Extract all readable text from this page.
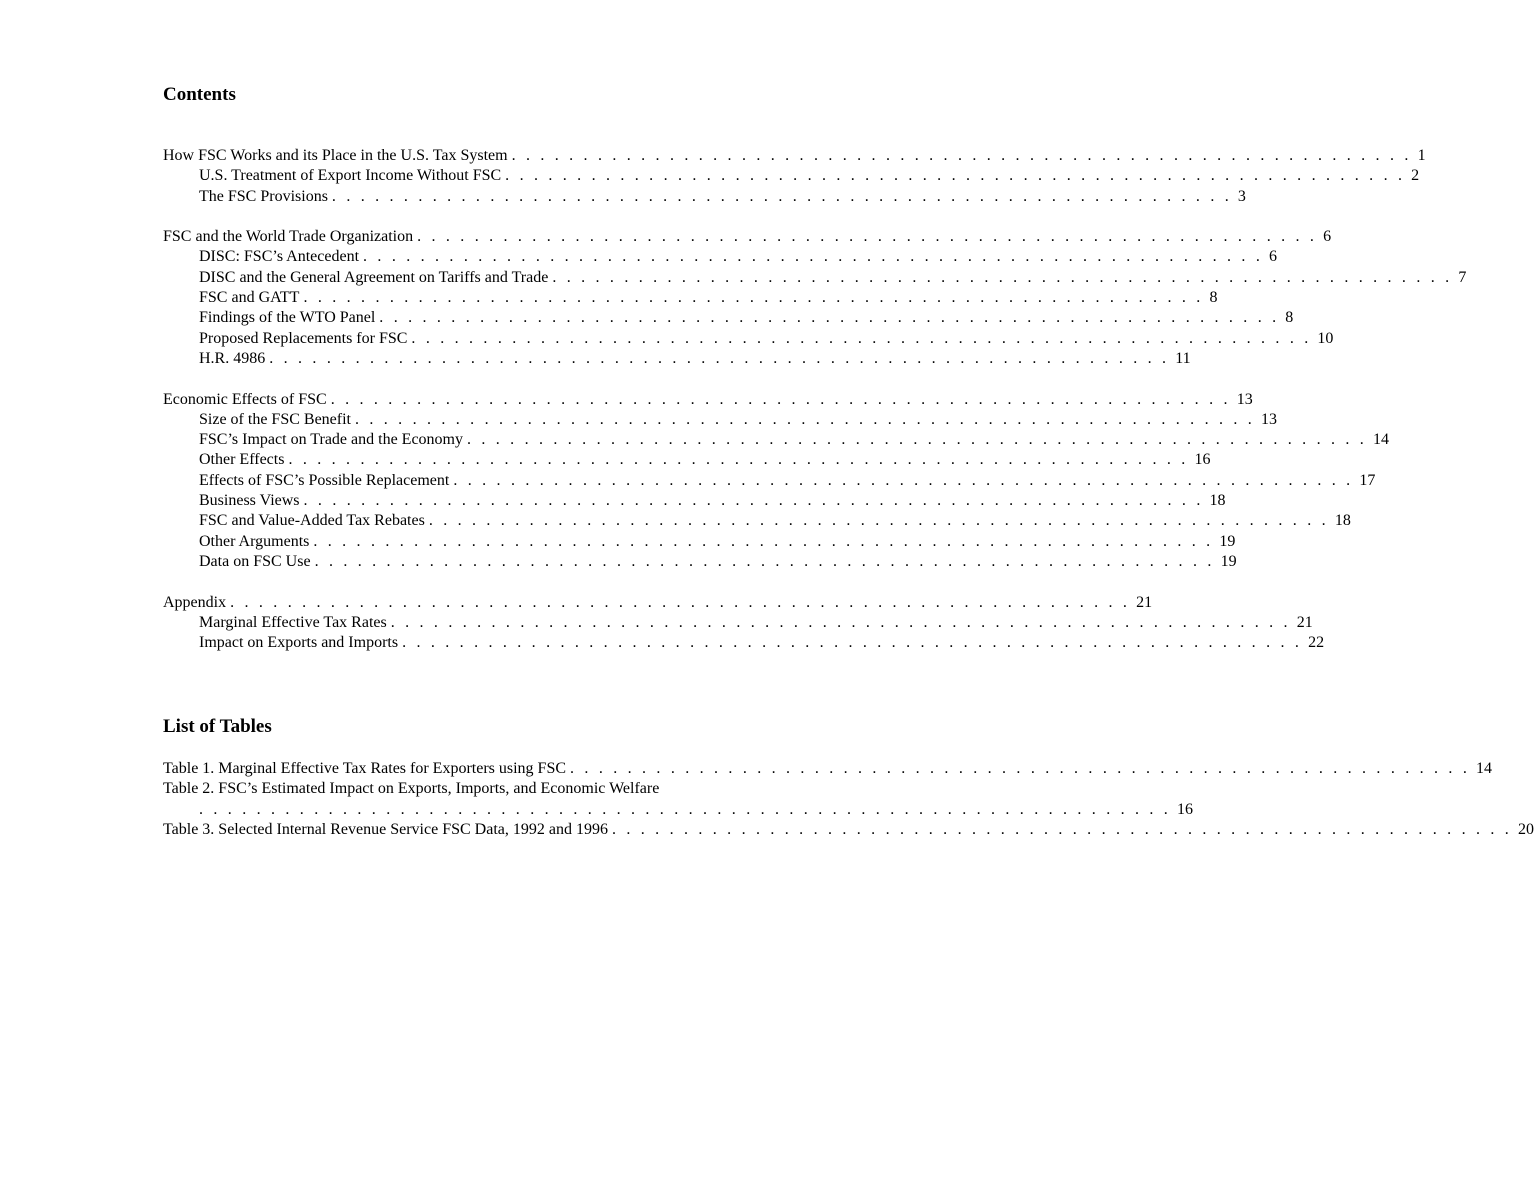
Contents
How FSC Works and its Place in the U.S. Tax System . . . . . . . . . . . . . . . . . . . . . . . . . . . . . . . . . . . . . . . . . . . . . . . . . . . . . . . . . . . . . . . 1
U.S. Treatment of Export Income Without FSC . . . . . . . . . . . . . . . . . . . . . . . . . . . . . . . . . . . . . . . . . . . . . . . . . . . . . . . . . . . . . . . 2
The FSC Provisions . . . . . . . . . . . . . . . . . . . . . . . . . . . . . . . . . . . . . . . . . . . . . . . . . . . . . . . . . . . . . . . 3
FSC and the World Trade Organization . . . . . . . . . . . . . . . . . . . . . . . . . . . . . . . . . . . . . . . . . . . . . . . . . . . . . . . . . . . . . . . 6
DISC: FSC’s Antecedent . . . . . . . . . . . . . . . . . . . . . . . . . . . . . . . . . . . . . . . . . . . . . . . . . . . . . . . . . . . . . . . 6
DISC and the General Agreement on Tariffs and Trade . . . . . . . . . . . . . . . . . . . . . . . . . . . . . . . . . . . . . . . . . . . . . . . . . . . . . . . . . . . . . . . 7
FSC and GATT . . . . . . . . . . . . . . . . . . . . . . . . . . . . . . . . . . . . . . . . . . . . . . . . . . . . . . . . . . . . . . . 8
Findings of the WTO Panel . . . . . . . . . . . . . . . . . . . . . . . . . . . . . . . . . . . . . . . . . . . . . . . . . . . . . . . . . . . . . . . 8
Proposed Replacements for FSC . . . . . . . . . . . . . . . . . . . . . . . . . . . . . . . . . . . . . . . . . . . . . . . . . . . . . . . . . . . . . . . 10
H.R. 4986 . . . . . . . . . . . . . . . . . . . . . . . . . . . . . . . . . . . . . . . . . . . . . . . . . . . . . . . . . . . . . . . 11
Economic Effects of FSC . . . . . . . . . . . . . . . . . . . . . . . . . . . . . . . . . . . . . . . . . . . . . . . . . . . . . . . . . . . . . . . 13
Size of the FSC Benefit . . . . . . . . . . . . . . . . . . . . . . . . . . . . . . . . . . . . . . . . . . . . . . . . . . . . . . . . . . . . . . . 13
FSC’s Impact on Trade and the Economy . . . . . . . . . . . . . . . . . . . . . . . . . . . . . . . . . . . . . . . . . . . . . . . . . . . . . . . . . . . . . . . 14
Other Effects . . . . . . . . . . . . . . . . . . . . . . . . . . . . . . . . . . . . . . . . . . . . . . . . . . . . . . . . . . . . . . . 16
Effects of FSC’s Possible Replacement . . . . . . . . . . . . . . . . . . . . . . . . . . . . . . . . . . . . . . . . . . . . . . . . . . . . . . . . . . . . . . . 17
Business Views . . . . . . . . . . . . . . . . . . . . . . . . . . . . . . . . . . . . . . . . . . . . . . . . . . . . . . . . . . . . . . . 18
FSC and Value-Added Tax Rebates . . . . . . . . . . . . . . . . . . . . . . . . . . . . . . . . . . . . . . . . . . . . . . . . . . . . . . . . . . . . . . . 18
Other Arguments . . . . . . . . . . . . . . . . . . . . . . . . . . . . . . . . . . . . . . . . . . . . . . . . . . . . . . . . . . . . . . . 19
Data on FSC Use . . . . . . . . . . . . . . . . . . . . . . . . . . . . . . . . . . . . . . . . . . . . . . . . . . . . . . . . . . . . . . . 19
Appendix . . . . . . . . . . . . . . . . . . . . . . . . . . . . . . . . . . . . . . . . . . . . . . . . . . . . . . . . . . . . . . . 21
Marginal Effective Tax Rates . . . . . . . . . . . . . . . . . . . . . . . . . . . . . . . . . . . . . . . . . . . . . . . . . . . . . . . . . . . . . . . 21
Impact on Exports and Imports . . . . . . . . . . . . . . . . . . . . . . . . . . . . . . . . . . . . . . . . . . . . . . . . . . . . . . . . . . . . . . . 22
List of Tables
Table 1. Marginal Effective Tax Rates for Exporters using FSC . . . . . . . . . . . . . . . . . . . . . . . . . . . . . . . . . . . . . . . . . . . . . . . . . . . . . . . . . . . . . . . 14
Table 2. FSC’s Estimated Impact on Exports, Imports, and Economic Welfare
. . . . . . . . . . . . . . . . . . . . . . . . . . . . . . . . . . . . . . . . . . . . . . . . . . . . . . . . . . . . . . . . . . . . 16
Table 3. Selected Internal Revenue Service FSC Data, 1992 and 1996 . . . . . . . . . . . . . . . . . . . . . . . . . . . . . . . . . . . . . . . . . . . . . . . . . . . . . . . . . . . . . . . 20
